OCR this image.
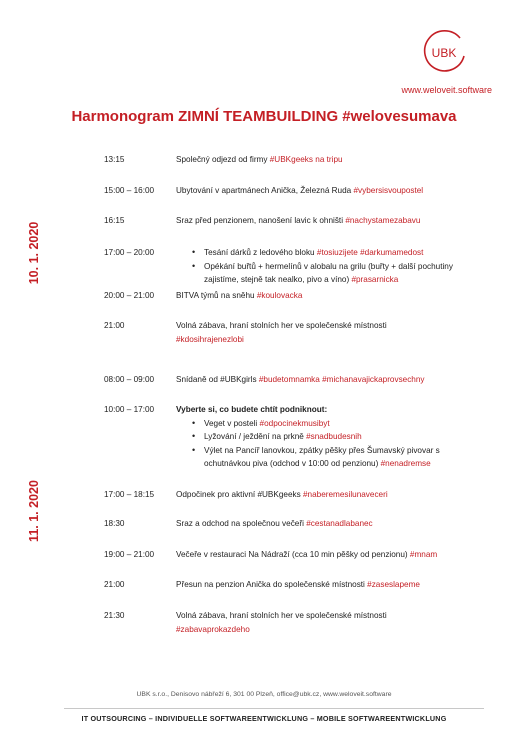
UBK
www.weloveit.software
Harmonogram ZIMNÍ TEAMBUILDING #welovesumava
10. 1. 2020
11. 1. 2020
13:15	Společný odjezd od firmy #UBKgeeks na tripu
15:00 – 16:00	Ubytování v apartmánech Anička, Železná Ruda #vybersisvoupostel
16:15	Sraz před penzionem, nanošení lavic k ohništi #nachystamezabavu
17:00 – 20:00

•	Tesání dárků z ledového bloku #tosiuzijete #darkumamedost

• Opékání buřtů + hermelínů v alobalu na grilu (buřty + další pochutiny zajistíme, stejně tak nealko, pivo a víno) #prasarnicka

20:00 – 21:00	BITVA týmů na sněhu #koulovacka
21:00	Volná zábava, hraní stolních her ve společenské místnosti #kdosihrajenezlobi
08:00 – 09:00	Snídaně od #UBKgirls #budetomnamka #michanavajickaprovsechny
10:00 – 17:00	Vyberte si, co budete chtít podniknout:

• Veget v posteli #odpocinekmusibyt

• Lyžování / ježdění na prkně #snadbudesnih

• Výlet na Pancíř lanovkou, zpátky pěšky přes Šumavský pivovar s ochutnávkou piva (odchod v 10:00 od penzionu) #nenadremse

17:00 – 18:15	Odpočinek pro aktivní #UBKgeeks #naberemesilunaveceri
18:30	Sraz a odchod na společnou večeři #cestanadlabanec
19:00 – 21:00	Večeře v restauraci Na Nádraží (cca 10 min pěšky od penzionu) #mnam
21:00	Přesun na penzion Anička do společenské místnosti #zaseslapeme
21:30	Volná zábava, hraní stolních her ve společenské místnosti #zabavaprokazdeho
UBK s.r.o., Denisovo nábřeží 6, 301 00 Plzeň, office@ubk.cz, www.weloveit.software
IT OUTSOURCING – INDIVIDUELLE SOFTWAREENTWICKLUNG – MOBILE SOFTWAREENTWICKLUNG
